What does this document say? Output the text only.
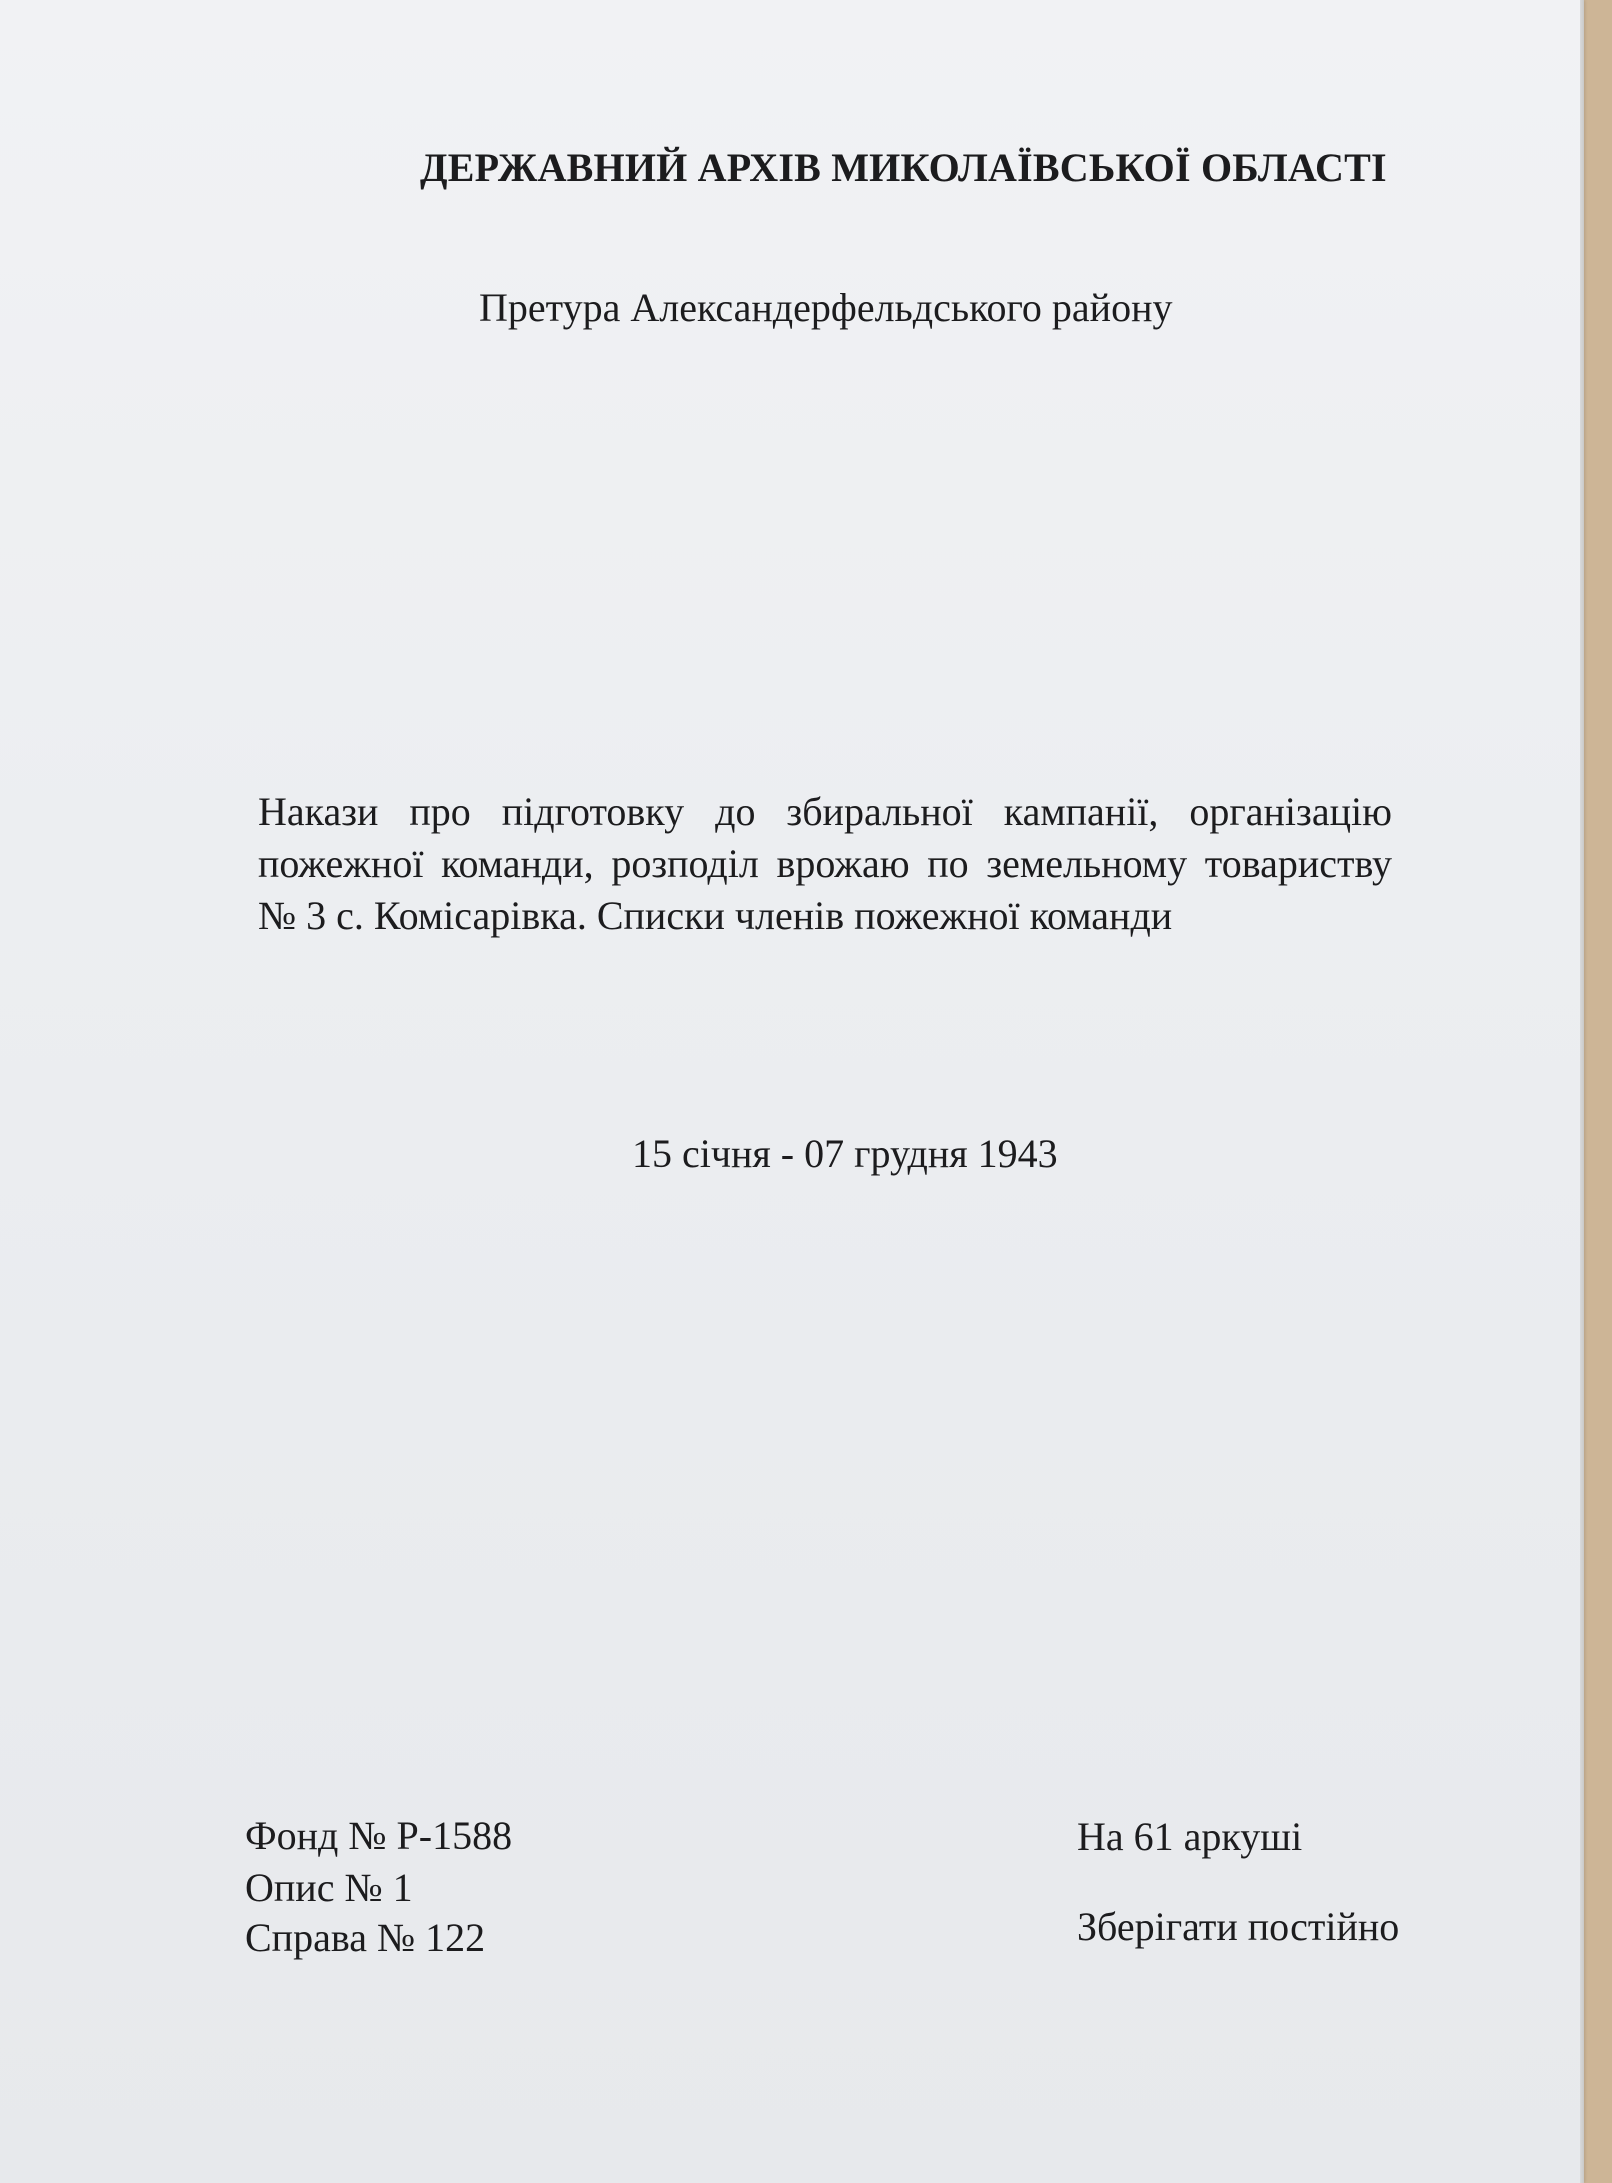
ДЕРЖАВНИЙ АРХІВ МИКОЛАЇВСЬКОЇ ОБЛАСТІ
Претура Александерфельдського району
Накази про підготовку до збиральної кампанії, організацію пожежної команди, розподіл врожаю по земельному товариству № 3 с. Комісарівка. Списки членів пожежної команди
15 січня - 07 грудня 1943
Фонд № Р-1588
Опис № 1
Справа № 122
На 61 аркуші
Зберігати постійно
